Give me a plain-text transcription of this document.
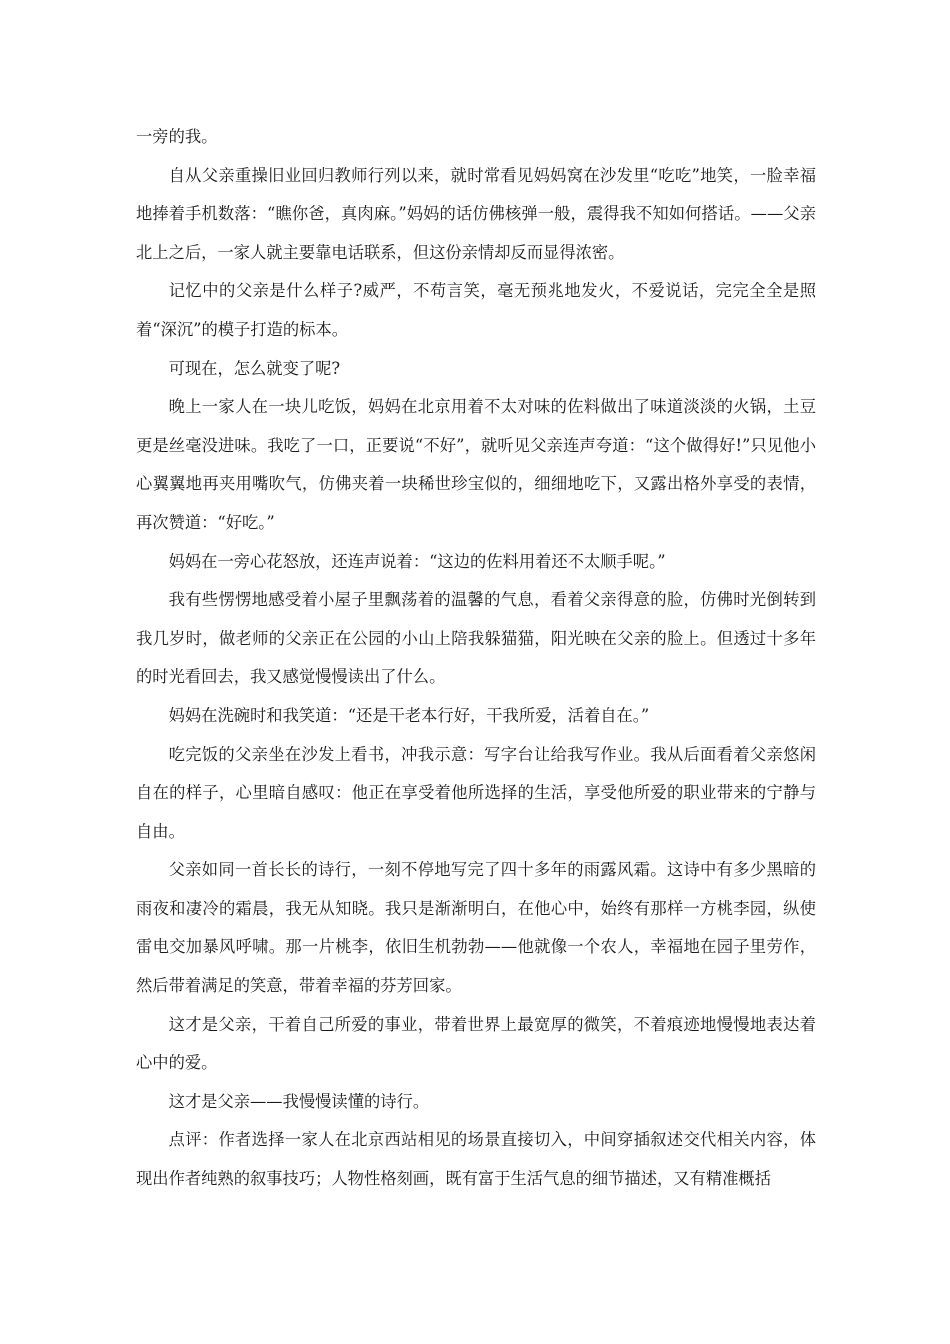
一旁的我。

自从父亲重操旧业回归教师行列以来，就时常看见妈妈窝在沙发里“吃吃”地笑，一脸幸福地捧着手机数落：“瞧你爸，真肉麻。”妈妈的话仿佛核弹一般，震得我不知如何搭话。——父亲北上之后，一家人就主要靠电话联系，但这份亲情却反而显得浓密。

记忆中的父亲是什么样子?威严，不苟言笑，毫无预兆地发火，不爱说话，完完全全是照着“深沉”的模子打造的标本。

可现在，怎么就变了呢?

晚上一家人在一块儿吃饭，妈妈在北京用着不太对味的佐料做出了味道淡淡的火锅，土豆更是丝毫没进味。我吃了一口，正要说“不好”，就听见父亲连声夸道：“这个做得好!”只见他小心翼翼地再夹用嘴吹气，仿佛夹着一块稀世珍宝似的，细细地吃下，又露出格外享受的表情，再次赞道：“好吃。”

妈妈在一旁心花怒放，还连声说着：“这边的佐料用着还不太顺手呢。”

我有些愣愣地感受着小屋子里飘荡着的温馨的气息，看着父亲得意的脸，仿佛时光倒转到我几岁时，做老师的父亲正在公园的小山上陪我躲猫猫，阳光映在父亲的脸上。但透过十多年的时光看回去，我又感觉慢慢读出了什么。

妈妈在洗碗时和我笑道：“还是干老本行好，干我所爱，活着自在。”

吃完饭的父亲坐在沙发上看书，冲我示意：写字台让给我写作业。我从后面看着父亲悠闲自在的样子，心里暗自感叹：他正在享受着他所选择的生活，享受他所爱的职业带来的宁静与自由。

父亲如同一首长长的诗行，一刻不停地写完了四十多年的雨露风霜。这诗中有多少黑暗的雨夜和凄冷的霜晨，我无从知晓。我只是渐渐明白，在他心中，始终有那样一方桃李园，纵使雷电交加暴风呼啸。那一片桃李，依旧生机勃勃——他就像一个农人，幸福地在园子里劳作，然后带着满足的笑意，带着幸福的芬芳回家。

这才是父亲，干着自己所爱的事业，带着世界上最宽厚的微笑，不着痕迹地慢慢地表达着心中的爱。

这才是父亲——我慢慢读懂的诗行。

点评：作者选择一家人在北京西站相见的场景直接切入，中间穿插叙述交代相关内容，体现出作者纯熟的叙事技巧；人物性格刻画，既有富于生活气息的细节描述，又有精准概括
